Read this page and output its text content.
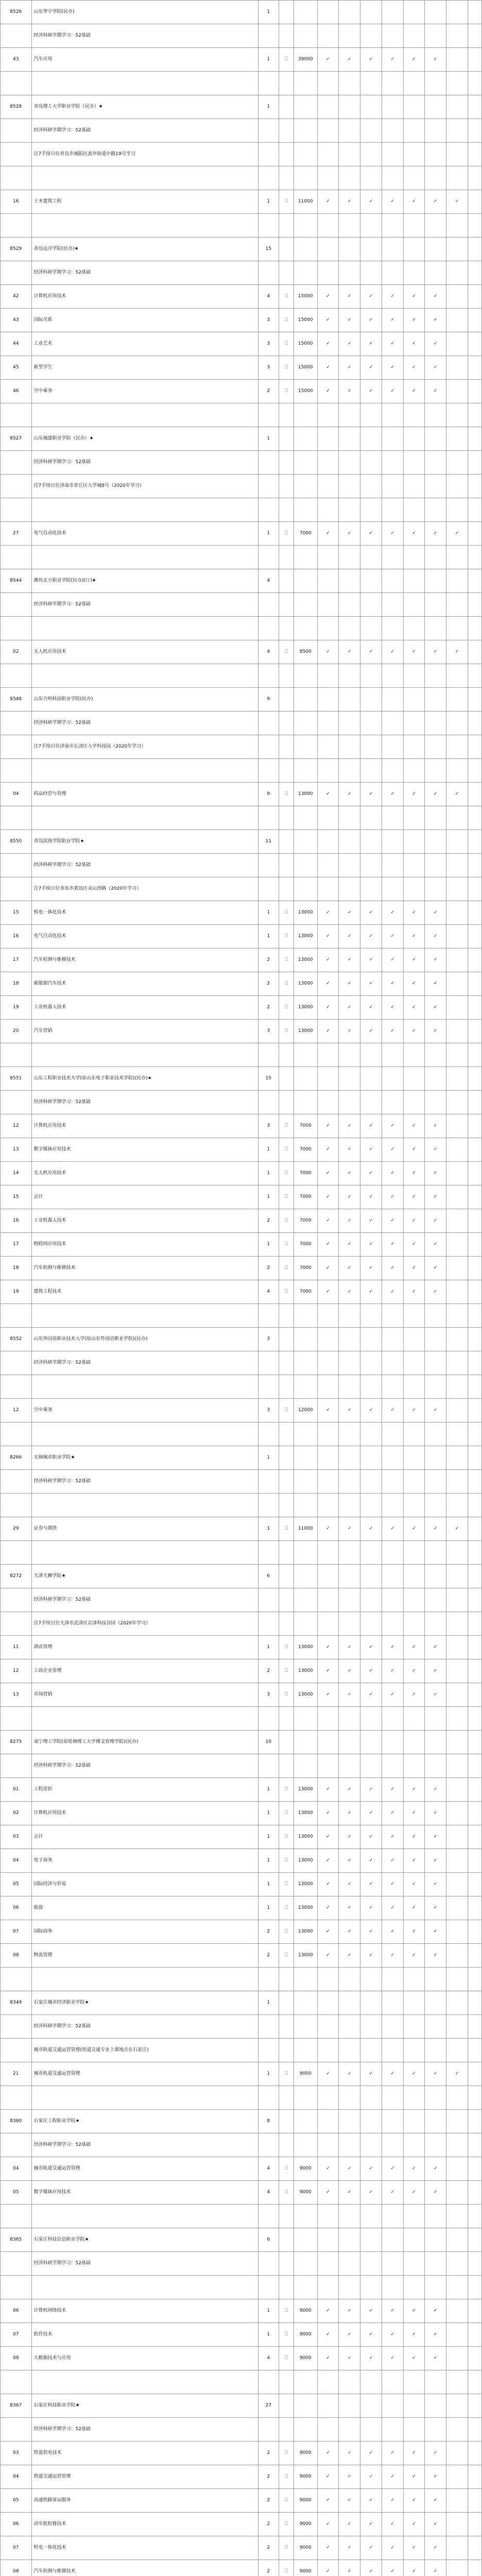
8526	山东华宇学院(民办)	1										
	经济科研学期学习：52基础											
43	汽车应用	1	三	39000	✓	✓	✓	✓	✓	✓		

8528	青岛理工大学职业学院（民办）★	1										
	经济科研学期学习：52基础											
	注7手续日位青岛市城阳区流亭街道中路19号学习											

16	土木建筑工程	1	三	11000	✓	✓	✓	✓	✓	✓	✓	

8529	青岛远洋学院(民办)★	15										
	经济科研学期学习：52基础											
42	计算机应用技术	4	三	15000	✓	✓	✓	✓	✓	✓		
43	国际关系	3	三	15000	✓	✓	✓	✓	✓	✓		
44	工业艺术	3	三	15000	✓	✓	✓	✓	✓	✓		
45	新型学生	3	三	15000	✓	✓	✓	✓	✓	✓		
46	空中乘务	2	三	15000	✓	✓	✓	✓	✓	✓		

8527	山东城建职业学院（民办）★	1										
	经济科研学期学习：52基础											
	注7手续日位济南市章丘区大学城8号（2020年学习）											

27	电气自动化技术	1	三	7000	✓	✓	✓	✓	✓	✓	✓	

8544	潍坊北方职业学院(民办)(厅)★	4										
	经济科研学期学习：52基础											

02	无人机应用技术	4	三	8500	✓	✓	✓	✓	✓	✓	✓	

8548	山东力明科技职业学院(民办)	9										
	经济科研学期学习：52基础											
	注7手续日位济南市长清区大学科技园（2020年学习）											

04	药品经营与管理	9	三	13000	✓	✓	✓	✓	✓	✓	✓	

8550	青岛滨海学院职业学院★	11										
	经济科研学期学习：52基础											
	注7手续日位青岛市黄岛区灵山湾路（2020年学习）											
15	机电一体化技术	1	三	13000	✓	✓	✓	✓	✓	✓		
16	电气自动化技术	1	三	13000	✓	✓	✓	✓	✓	✓		
17	汽车检测与维修技术	2	三	13000	✓	✓	✓	✓	✓	✓		
18	新能源汽车技术	2	三	13000	✓	✓	✓	✓	✓	✓		
19	工业机器人技术	2	三	13000	✓	✓	✓	✓	✓	✓		
20	汽车营销	3	三	13000	✓	✓	✓	✓	✓	✓		

8551	山东工程职业技术大学(原山东电子职业技术学院)(民办)★	15										
	经济科研学期学习：52基础											
12	计算机应用技术	3	三	7000	✓	✓	✓	✓	✓	✓		
13	数字媒体应用技术	1	三	7000	✓	✓	✓	✓	✓	✓		
14	无人机应用技术	1	三	7000	✓	✓	✓	✓	✓	✓		
15	会计	1	三	7000	✓	✓	✓	✓	✓	✓		
16	工业机器人技术	2	三	7000	✓	✓	✓	✓	✓	✓		
17	物联网应用技术	1	三	7000	✓	✓	✓	✓	✓	✓		
18	汽车检测与维修技术	2	三	7000	✓	✓	✓	✓	✓	✓		
19	建筑工程技术	4	三	7000	✓	✓	✓	✓	✓	✓		

8552	山东外国语职业技术大学(原山东外国语职业学院)(民办)	3										
	经济科研学期学习：52基础											

12	空中乘务	3	三	12000	✓	✓	✓	✓	✓	✓		

8266	无锡城市职业学院★	1										
	经济科研学期学习：52基础											

29	证券与期货	1	三	11000	✓	✓	✓	✓	✓	✓	✓	

8272	天津天狮学院★	6										
	经济科研学期学习：52基础											
	注7手续日位天津市武清区京津科技谷园（2020年学习）											
11	酒店管理	1	三	13000	✓	✓	✓	✓	✓	✓		
12	工商企业管理	2	三	13000	✓	✓	✓	✓	✓	✓		
13	市场营销	3	三	13000	✓	✓	✓	✓	✓	✓		

8275	南宁理工学院(原桂林理工大学博文管理学院)(民办)	10										
	经济科研学期学习：52基础											
01	工程造价	1	三	13000	✓	✓	✓	✓	✓	✓		
02	计算机应用技术	1	三	13000	✓	✓	✓	✓	✓	✓		
03	会计	1	三	13000	✓	✓	✓	✓	✓	✓		
04	电子商务	1	三	13000	✓	✓	✓	✓	✓	✓		
05	国际经济与贸易	1	三	13000	✓	✓	✓	✓	✓	✓		
06	旅游	1	三	13000	✓	✓	✓	✓	✓	✓		
07	国际商务	2	三	13000	✓	✓	✓	✓	✓	✓		
08	物流管理	2	三	13000	✓	✓	✓	✓	✓	✓		

8349	石家庄城市经济职业学院★	1										
	经济科研学期学习：52基础											
	城市轨道交通运营管理(铁道交通专业上课地点在石家庄)											
21	城市轨道交通运营管理	1	三	9000	✓	✓	✓	✓	✓	✓	✓	

8360	石家庄工程职业学院★	8										
	经济科研学期学习：52基础											
04	城市轨道交通运营管理	4	三	9000	✓	✓	✓	✓	✓	✓		
05	数字媒体应用技术	4	三	9000	✓	✓	✓	✓	✓	✓		

8365	石家庄科技信息职业学院★	6										
	经济科研学期学习：52基础											

06	计算机网络技术	1	三	9000	✓	✓	✓	✓	✓	✓		
07	软件技术	1	三	9000	✓	✓	✓	✓	✓	✓		
08	大数据技术与应用	4	三	9000	✓	✓	✓	✓	✓	✓		

8367	石家庄科技职业学院★	27										
	经济科研学期学习：52基础											
03	铁道供电技术	2	三	9000	✓	✓	✓	✓	✓	✓		
04	铁道交通运营管理	2	三	9000	✓	✓	✓	✓	✓	✓		
05	高速铁路客运服务	2	三	9000	✓	✓	✓	✓	✓	✓		
06	动车组检修技术	2	三	9000	✓	✓	✓	✓	✓	✓		
07	机电一体化技术	2	三	9000	✓	✓	✓	✓	✓	✓		
08	汽车检测与维修技术	2	三	9000	✓	✓	✓	✓	✓	✓		
